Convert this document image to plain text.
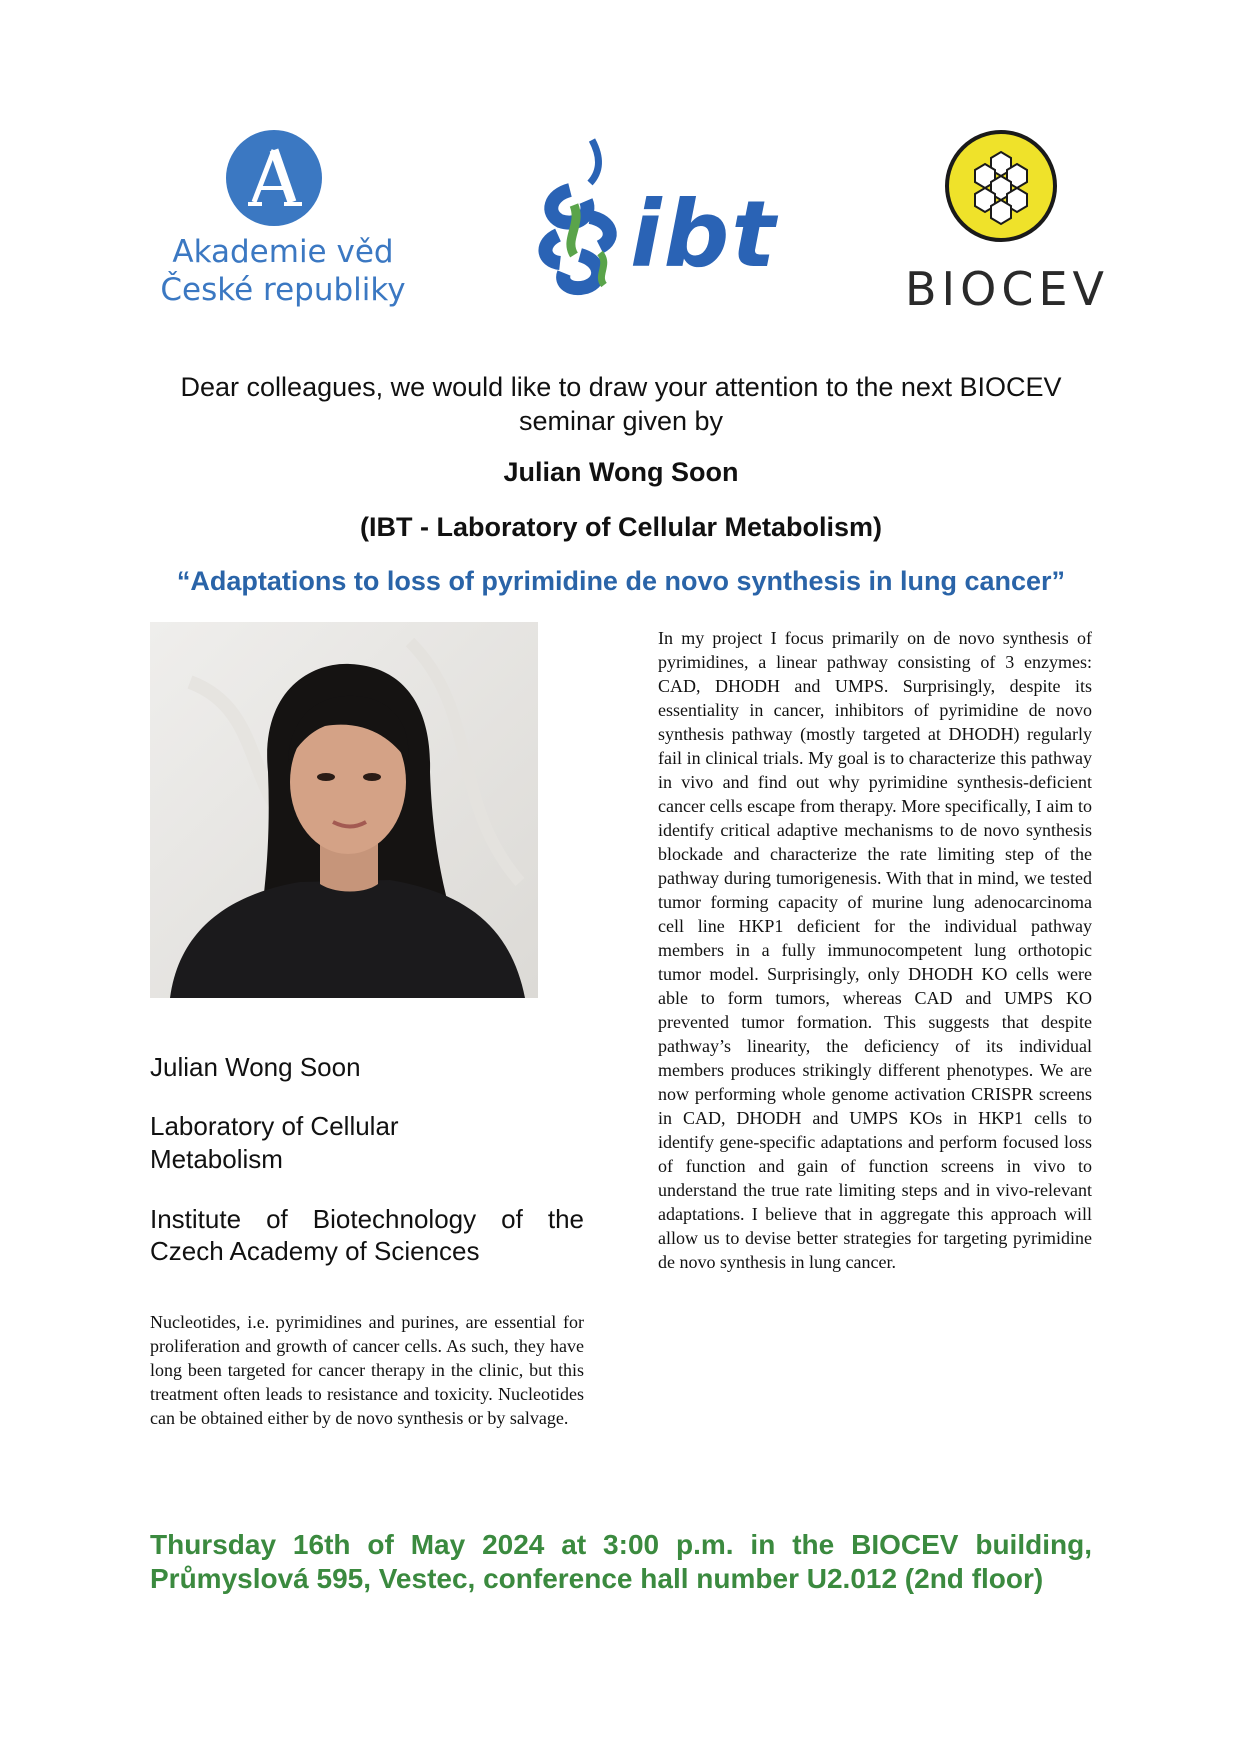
Akademie věd
České republiky
ibt
BIOCEV
Dear colleagues, we would like to draw your attention to the next BIOCEV seminar given by
Julian Wong Soon
(IBT - Laboratory of Cellular Metabolism)
“Adaptations to loss of pyrimidine de novo synthesis in lung cancer”
Julian Wong Soon
Laboratory of Cellular Metabolism
Institute of Biotechnology of the Czech Academy of Sciences
Nucleotides, i.e. pyrimidines and purines, are essential for proliferation and growth of cancer cells. As such, they have long been targeted for cancer therapy in the clinic, but this treatment often leads to resistance and toxicity. Nucleotides can be obtained either by de novo synthesis or by salvage.
In my project I focus primarily on de novo synthesis of pyrimidines, a linear pathway consisting of 3 enzymes: CAD, DHODH and UMPS. Surprisingly, despite its essentiality in cancer, inhibitors of pyrimidine de novo synthesis pathway (mostly targeted at DHODH) regularly fail in clinical trials. My goal is to characterize this pathway in vivo and find out why pyrimidine synthesis-deficient cancer cells escape from therapy. More specifically, I aim to identify critical adaptive mechanisms to de novo synthesis blockade and characterize the rate limiting step of the pathway during tumorigenesis. With that in mind, we tested tumor forming capacity of murine lung adenocarcinoma cell line HKP1 deficient for the individual pathway members in a fully immunocompetent lung orthotopic tumor model. Surprisingly, only DHODH KO cells were able to form tumors, whereas CAD and UMPS KO prevented tumor formation. This suggests that despite pathway’s linearity, the deficiency of its individual members produces strikingly different phenotypes. We are now performing whole genome activation CRISPR screens in CAD, DHODH and UMPS KOs in HKP1 cells to identify gene-specific adaptations and perform focused loss of function and gain of function screens in vivo to understand the true rate limiting steps and in vivo-relevant adaptations. I believe that in aggregate this approach will allow us to devise better strategies for targeting pyrimidine de novo synthesis in lung cancer.
Thursday 16th of May 2024 at 3:00 p.m. in the BIOCEV building, Průmyslová 595, Vestec, conference hall number U2.012 (2nd floor)
